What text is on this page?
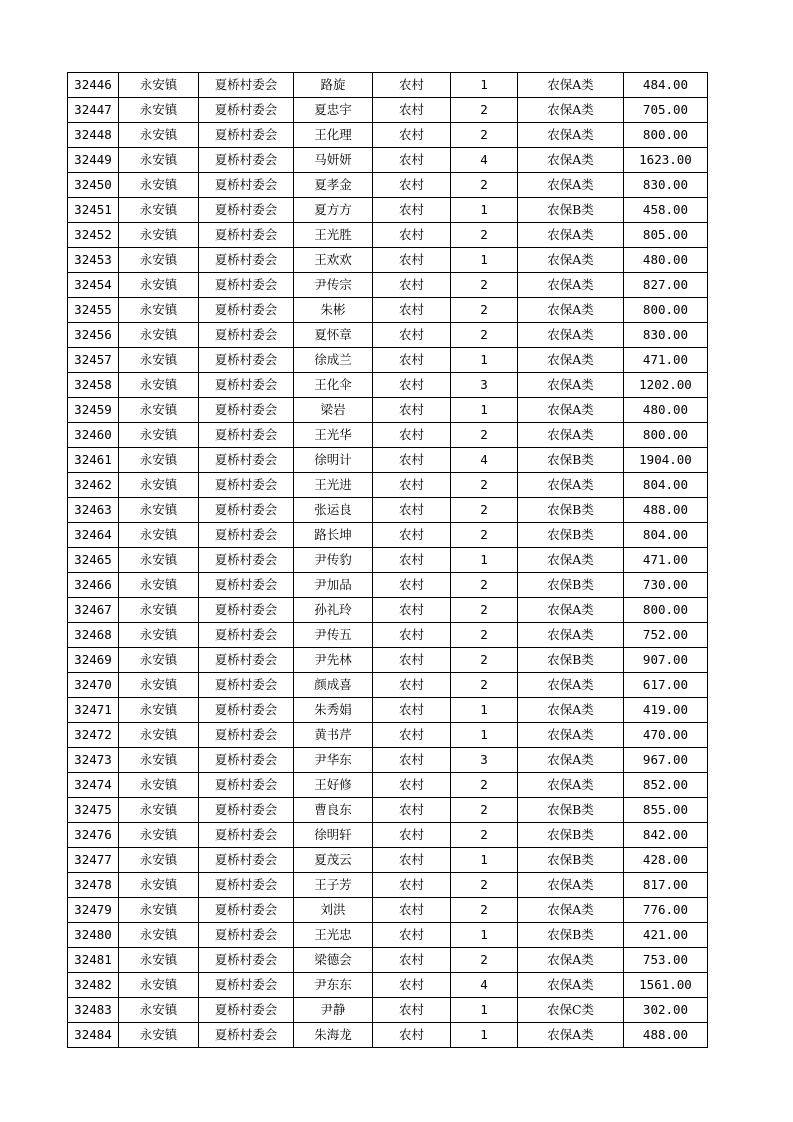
32446	永安镇	夏桥村委会	路旋	农村	1	农保A类	484.00
32447	永安镇	夏桥村委会	夏忠宇	农村	2	农保A类	705.00
32448	永安镇	夏桥村委会	王化理	农村	2	农保A类	800.00
32449	永安镇	夏桥村委会	马妍妍	农村	4	农保A类	1623.00
32450	永安镇	夏桥村委会	夏孝金	农村	2	农保A类	830.00
32451	永安镇	夏桥村委会	夏方方	农村	1	农保B类	458.00
32452	永安镇	夏桥村委会	王光胜	农村	2	农保A类	805.00
32453	永安镇	夏桥村委会	王欢欢	农村	1	农保A类	480.00
32454	永安镇	夏桥村委会	尹传宗	农村	2	农保A类	827.00
32455	永安镇	夏桥村委会	朱彬	农村	2	农保A类	800.00
32456	永安镇	夏桥村委会	夏怀章	农村	2	农保A类	830.00
32457	永安镇	夏桥村委会	徐成兰	农村	1	农保A类	471.00
32458	永安镇	夏桥村委会	王化伞	农村	3	农保A类	1202.00
32459	永安镇	夏桥村委会	梁岩	农村	1	农保A类	480.00
32460	永安镇	夏桥村委会	王光华	农村	2	农保A类	800.00
32461	永安镇	夏桥村委会	徐明计	农村	4	农保B类	1904.00
32462	永安镇	夏桥村委会	王光进	农村	2	农保A类	804.00
32463	永安镇	夏桥村委会	张运良	农村	2	农保B类	488.00
32464	永安镇	夏桥村委会	路长坤	农村	2	农保B类	804.00
32465	永安镇	夏桥村委会	尹传豹	农村	1	农保A类	471.00
32466	永安镇	夏桥村委会	尹加品	农村	2	农保B类	730.00
32467	永安镇	夏桥村委会	孙礼玲	农村	2	农保A类	800.00
32468	永安镇	夏桥村委会	尹传五	农村	2	农保A类	752.00
32469	永安镇	夏桥村委会	尹先林	农村	2	农保B类	907.00
32470	永安镇	夏桥村委会	颜成喜	农村	2	农保A类	617.00
32471	永安镇	夏桥村委会	朱秀娟	农村	1	农保A类	419.00
32472	永安镇	夏桥村委会	黄书芹	农村	1	农保A类	470.00
32473	永安镇	夏桥村委会	尹华东	农村	3	农保A类	967.00
32474	永安镇	夏桥村委会	王好修	农村	2	农保A类	852.00
32475	永安镇	夏桥村委会	曹良东	农村	2	农保B类	855.00
32476	永安镇	夏桥村委会	徐明轩	农村	2	农保B类	842.00
32477	永安镇	夏桥村委会	夏茂云	农村	1	农保B类	428.00
32478	永安镇	夏桥村委会	王子芳	农村	2	农保A类	817.00
32479	永安镇	夏桥村委会	刘洪	农村	2	农保A类	776.00
32480	永安镇	夏桥村委会	王光忠	农村	1	农保B类	421.00
32481	永安镇	夏桥村委会	梁德会	农村	2	农保A类	753.00
32482	永安镇	夏桥村委会	尹东东	农村	4	农保A类	1561.00
32483	永安镇	夏桥村委会	尹静	农村	1	农保C类	302.00
32484	永安镇	夏桥村委会	朱海龙	农村	1	农保A类	488.00
